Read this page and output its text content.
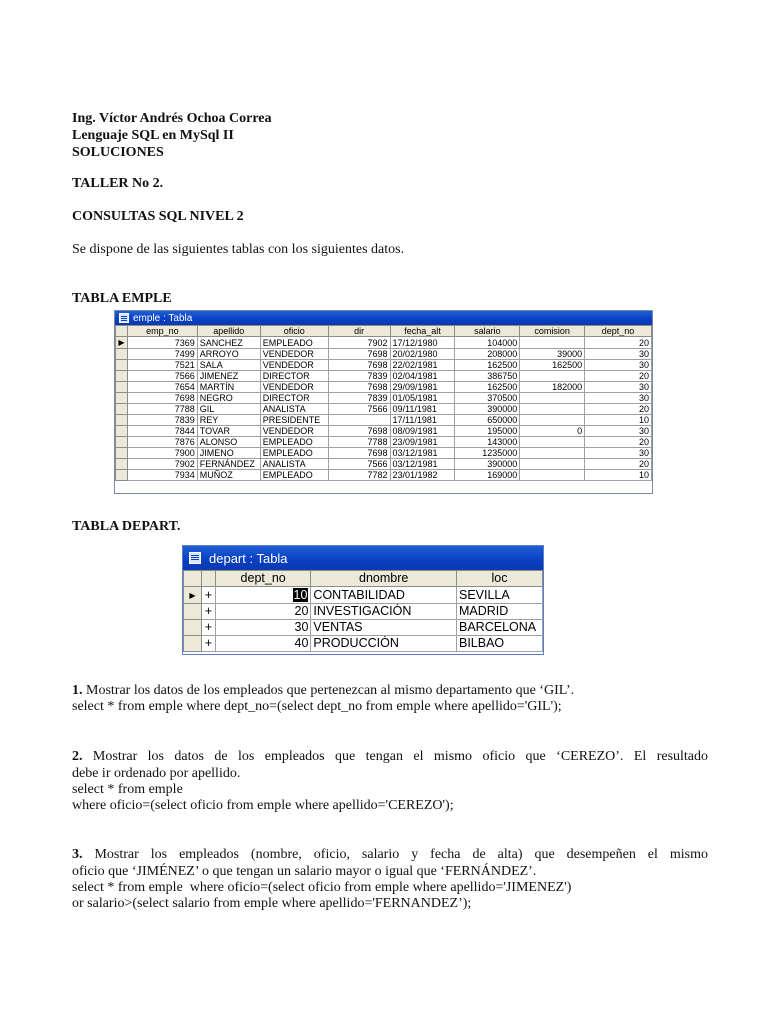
Ing. Víctor Andrés Ochoa Correa
Lenguaje SQL en MySql II
SOLUCIONES
TALLER No 2.
CONSULTAS SQL NIVEL 2
Se dispone de las siguientes tablas con los siguientes datos.
TABLA EMPLE
emple : Tabla
	emp_no	apellido	oficio	dir	fecha_alt	salario	comision	dept_no
▶	7369	SANCHEZ	EMPLEADO	7902	17/12/1980	104000		20
	7499	ARROYO	VENDEDOR	7698	20/02/1980	208000	39000	30
	7521	SALA	VENDEDOR	7698	22/02/1981	162500	162500	30
	7566	JIMENEZ	DIRECTOR	7839	02/04/1981	386750		20
	7654	MARTÍN	VENDEDOR	7698	29/09/1981	162500	182000	30
	7698	NEGRO	DIRECTOR	7839	01/05/1981	370500		30
	7788	GIL	ANALISTA	7566	09/11/1981	390000		20
	7839	REY	PRESIDENTE		17/11/1981	650000		10
	7844	TOVAR	VENDEDOR	7698	08/09/1981	195000	0	30
	7876	ALONSO	EMPLEADO	7788	23/09/1981	143000		20
	7900	JIMENO	EMPLEADO	7698	03/12/1981	1235000		30
	7902	FERNÁNDEZ	ANALISTA	7566	03/12/1981	390000		20
	7934	MUÑOZ	EMPLEADO	7782	23/01/1982	169000		10
TABLA DEPART.
depart : Tabla
		dept_no	dnombre	loc
▶	+	10	CONTABILIDAD	SEVILLA
	+	20	INVESTIGACIÓN	MADRID
	+	30	VENTAS	BARCELONA
	+	40	PRODUCCIÓN	BILBAO
1. Mostrar los datos de los empleados que pertenezcan al mismo departamento que ‘GIL’.
select * from emple where dept_no=(select dept_no from emple where apellido='GIL');
2. Mostrar los datos de los empleados que tengan el mismo oficio que ‘CEREZO’. El resultado
debe ir ordenado por apellido.
select * from emple
where oficio=(select oficio from emple where apellido='CEREZO');
3. Mostrar los empleados (nombre, oficio, salario y fecha de alta) que desempeñen el mismo
oficio que ‘JIMÉNEZ’ o que tengan un salario mayor o igual que ‘FERNÁNDEZ’.
select * from emple  where oficio=(select oficio from emple where apellido='JIMENEZ')
or salario>(select salario from emple where apellido='FERNANDEZ’);
